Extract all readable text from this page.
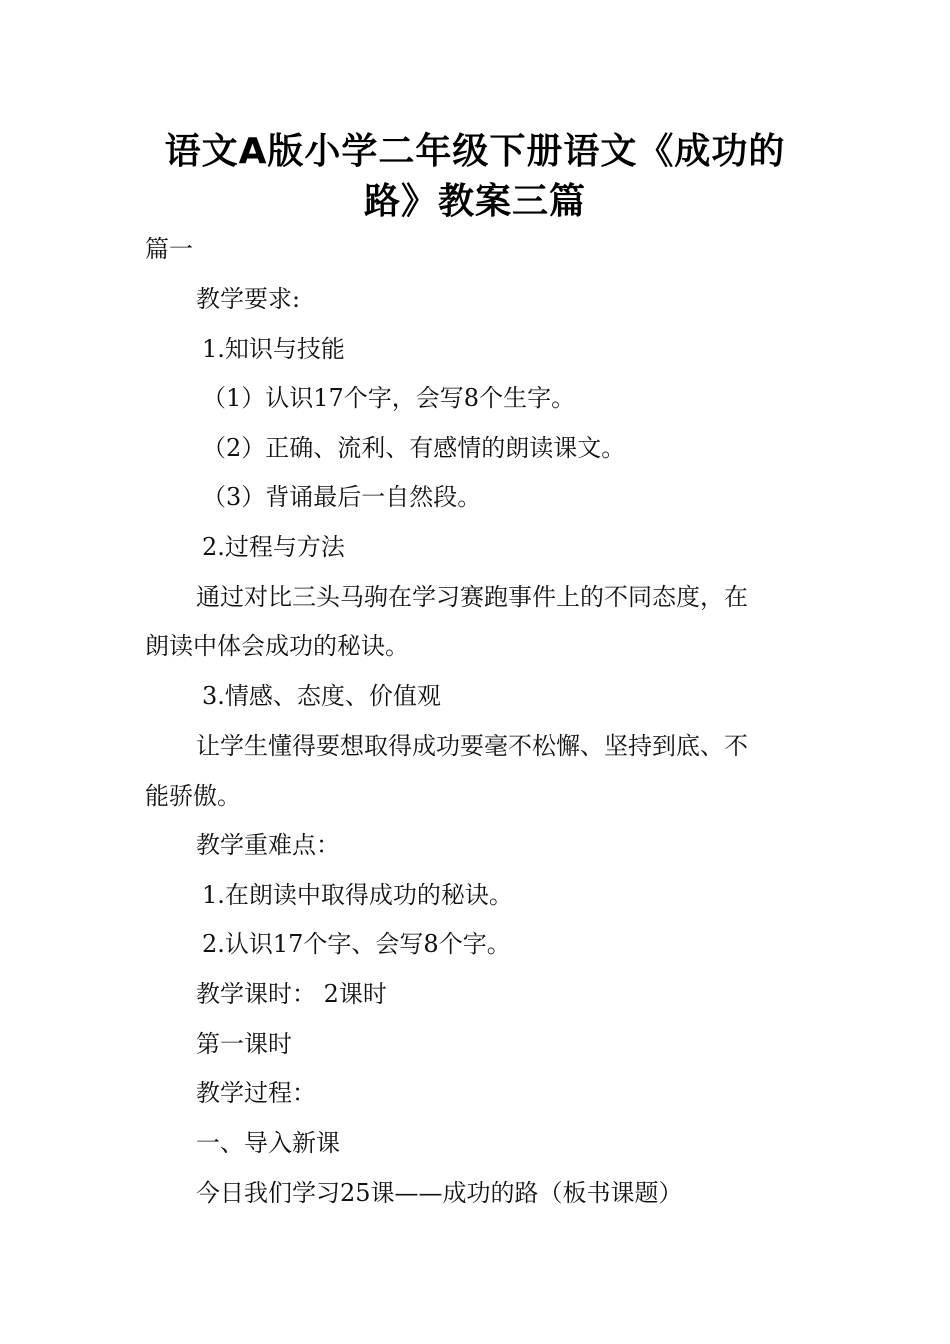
语文A版小学二年级下册语文《成功的
路》教案三篇
篇一
教学要求:
1.知识与技能
（1）认识17个字，会写8个生字。
（2）正确、流利、有感情的朗读课文。
（3）背诵最后一自然段。
2.过程与方法
通过对比三头马驹在学习赛跑事件上的不同态度，在
朗读中体会成功的秘诀。
3.情感、态度、价值观
让学生懂得要想取得成功要毫不松懈、坚持到底、不
能骄傲。
教学重难点：
1.在朗读中取得成功的秘诀。
2.认识17个字、会写8个字。
教学课时： 2课时
第一课时
教学过程：
一、导入新课
今日我们学习25课——成功的路（板书课题）
